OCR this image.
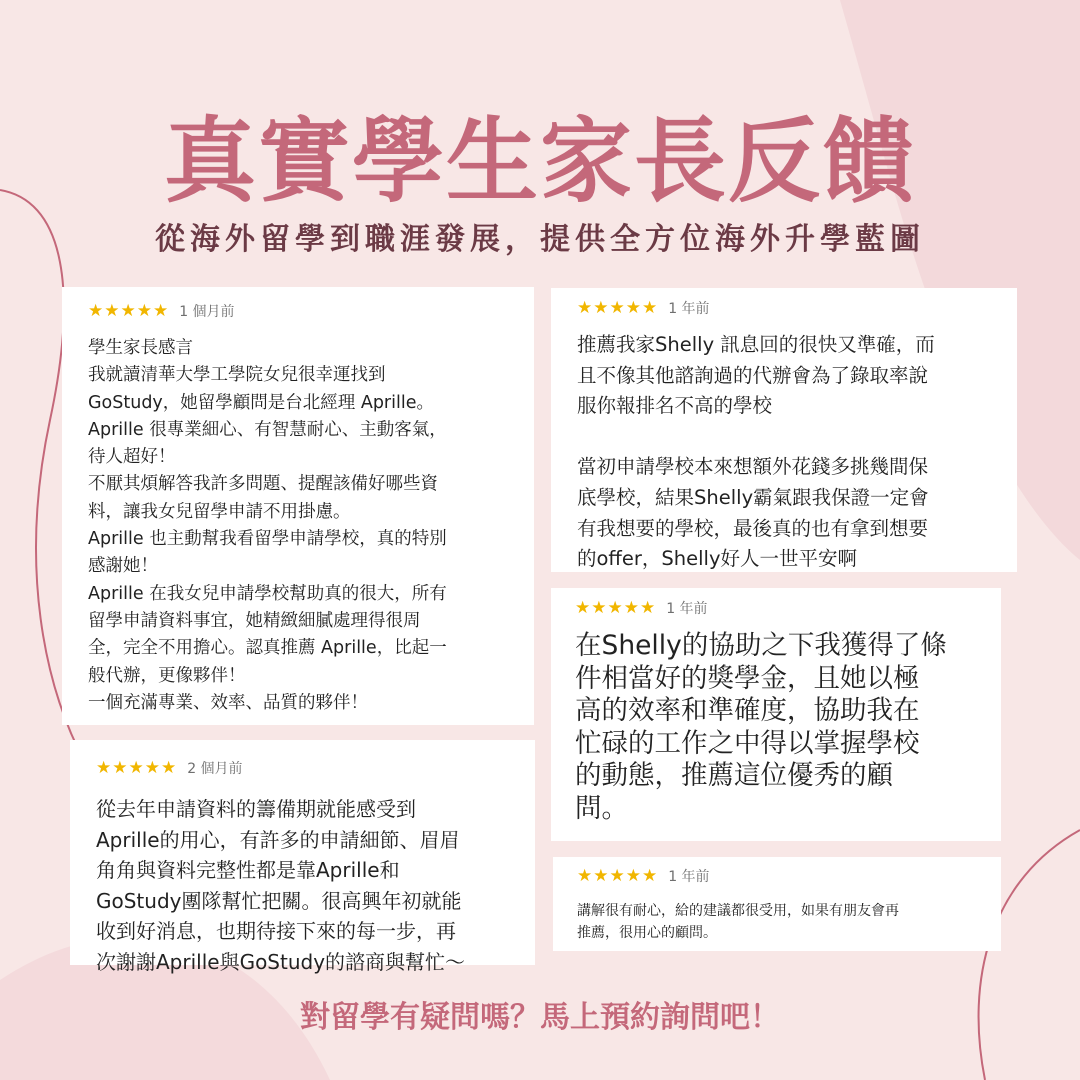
真實學生家長反饋
從海外留學到職涯發展，提供全方位海外升學藍圖
★★★★★ 1 個月前
學生家長感言
我就讀清華大學工學院女兒很幸運找到
GoStudy，她留學顧問是台北經理 Aprille。
Aprille 很專業細心、有智慧耐心、主動客氣，
待人超好！
不厭其煩解答我許多問題、提醒該備好哪些資
料，讓我女兒留學申請不用掛慮。
Aprille 也主動幫我看留學申請學校，真的特別
感謝她！
Aprille 在我女兒申請學校幫助真的很大，所有
留學申請資料事宜，她精緻細膩處理得很周
全，完全不用擔心。認真推薦 Aprille，比起一
般代辦，更像夥伴！
一個充滿專業、效率、品質的夥伴！
★★★★★ 2 個月前
從去年申請資料的籌備期就能感受到
Aprille的用心，有許多的申請細節、眉眉
角角與資料完整性都是靠Aprille和
GoStudy團隊幫忙把關。很高興年初就能
收到好消息，也期待接下來的每一步，再
次謝謝Aprille與GoStudy的諮商與幫忙～
★★★★★ 1 年前
推薦我家Shelly 訊息回的很快又準確，而
且不像其他諮詢過的代辦會為了錄取率說
服你報排名不高的學校

當初申請學校本來想額外花錢多挑幾間保
底學校，結果Shelly霸氣跟我保證一定會
有我想要的學校，最後真的也有拿到想要
的offer，Shelly好人一世平安啊
★★★★★ 1 年前
在Shelly的協助之下我獲得了條
件相當好的獎學金，且她以極
高的效率和準確度，協助我在
忙碌的工作之中得以掌握學校
的動態，推薦這位優秀的顧
問。
★★★★★ 1 年前
講解很有耐心，給的建議都很受用，如果有朋友會再
推薦，很用心的顧問。
對留學有疑問嗎？馬上預約詢問吧！
